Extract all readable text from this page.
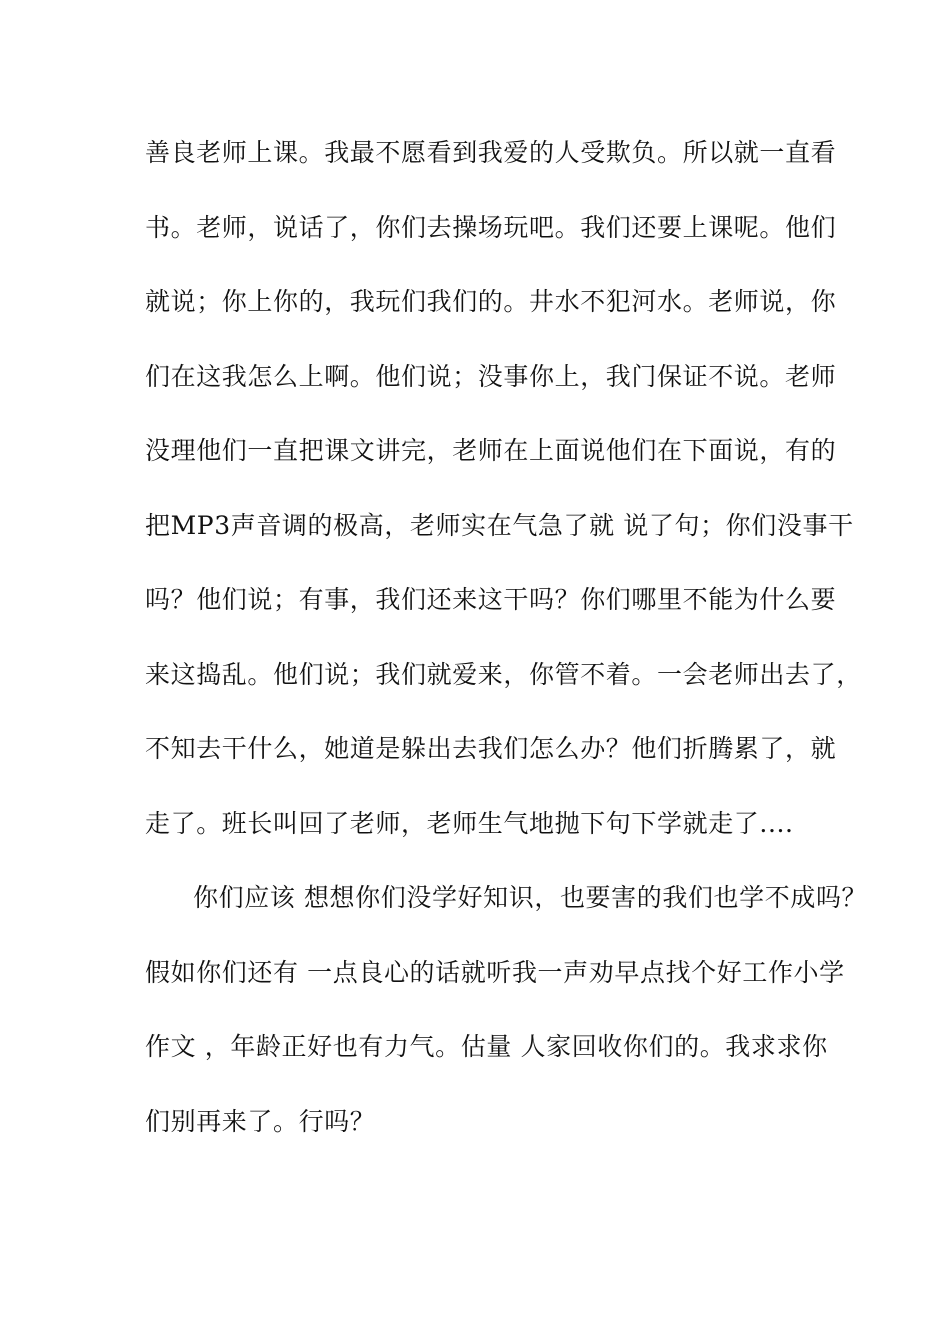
善良老师上课。我最不愿看到我爱的人受欺负。所以就一直看
书。老师，说话了，你们去操场玩吧。我们还要上课呢。他们
就说；你上你的，我玩们我们的。井水不犯河水。老师说，你
们在这我怎么上啊。他们说；没事你上，我门保证不说。老师
没理他们一直把课文讲完，老师在上面说他们在下面说，有的
把MP3声音调的极高，老师实在气急了就 说了句；你们没事干
吗？他们说；有事，我们还来这干吗？你们哪里不能为什么要
来这捣乱。他们说；我们就爱来，你管不着。一会老师出去了，
不知去干什么，她道是躲出去我们怎么办？他们折腾累了，就
走了。班长叫回了老师，老师生气地抛下句下学就走了....
你们应该 想想你们没学好知识，也要害的我们也学不成吗？
假如你们还有 一点良心的话就听我一声劝早点找个好工作小学
作文 ，年龄正好也有力气。估量 人家回收你们的。我求求你
们别再来了。行吗？
